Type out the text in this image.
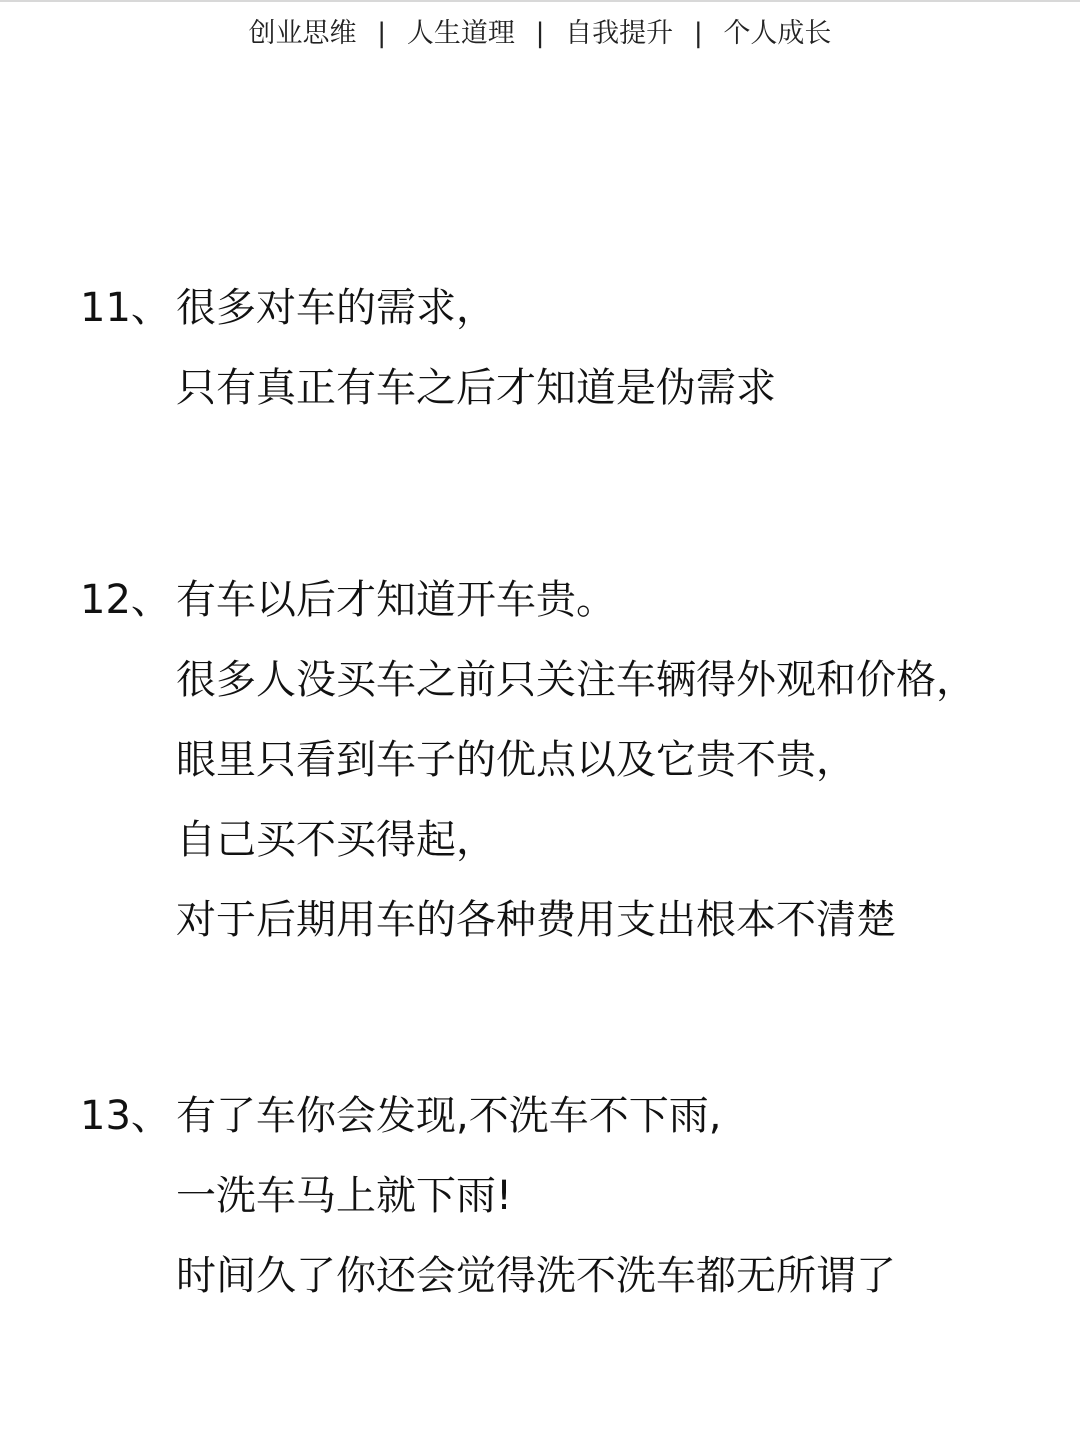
创业思维 | 人生道理 | 自我提升 | 个人成长
11、 很多对车的需求，
只有真正有车之后才知道是伪需求
12、 有车以后才知道开车贵。
很多人没买车之前只关注车辆得外观和价格，
眼里只看到车子的优点以及它贵不贵，
自己买不买得起，
对于后期用车的各种费用支出根本不清楚
13、 有了车你会发现,不洗车不下雨,
一洗车马上就下雨!
时间久了你还会觉得洗不洗车都无所谓了
